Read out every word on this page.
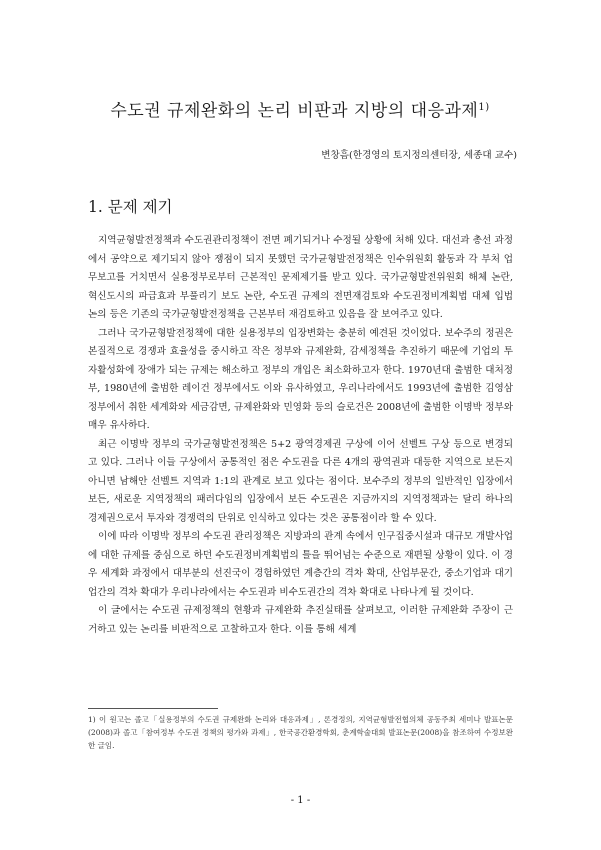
수도권 규제완화의 논리 비판과 지방의 대응과제$^{1)}$
변창흠(한경영의 토지정의센터장, 세종대 교수)
1. 문제 제기

지역균형발전정책과 수도권관리정책이 전면 폐기되거나 수정될 상황에 처해 있다. 대선과 총선 과정에서 공약으로 제기되지 않아 쟁점이 되지 못했던 국가균형발전정책은 인수위원회 활동과 각 부처 업무보고를 거치면서 실용정부로부터 근본적인 문제제기를 받고 있다. 국가균형발전위원회 해체 논란, 혁신도시의 파급효과 부풀리기 보도 논란, 수도권 규제의 전면재검토와 수도권정비계획법 대체 입법 논의 등은 기존의 국가균형발전정책을 근본부터 재검토하고 있음을 잘 보여주고 있다.

그러나 국가균형발전정책에 대한 실용정부의 입장변화는 충분히 예견된 것이었다. 보수주의 정권은 본질적으로 경쟁과 효율성을 중시하고 작은 정부와 규제완화, 감세정책을 추진하기 때문에 기업의 투자활성화에 장애가 되는 규제는 해소하고 정부의 개입은 최소화하고자 한다. 1970년대 출범한 대처정부, 1980년에 출범한 레이건 정부에서도 이와 유사하였고, 우리나라에서도 1993년에 출범한 김영삼 정부에서 취한 세계화와 세금감면, 규제완화와 민영화 등의 슬로건은 2008년에 출범한 이명박 정부와 매우 유사하다.

최근 이명박 정부의 국가균형발전정책은 5+2 광역경제권 구상에 이어 선벨트 구상 등으로 변경되고 있다. 그러나 이들 구상에서 공통적인 점은 수도권을 다른 4개의 광역권과 대등한 지역으로 보든지 아니면 남해안 선벨트 지역과 1:1의 관계로 보고 있다는 점이다. 보수주의 정부의 일반적인 입장에서 보든, 새로운 지역정책의 패러다임의 입장에서 보든 수도권은 지금까지의 지역정책과는 달리 하나의 경제권으로서 투자와 경쟁력의 단위로 인식하고 있다는 것은 공통점이라 할 수 있다.

이에 따라 이명박 정부의 수도권 관리정책은 지방과의 관계 속에서 인구집중시설과 대규모 개발사업에 대한 규제를 중심으로 하던 수도권정비계획법의 틀을 뛰어넘는 수준으로 재편될 상황이 있다. 이 경우 세계화 과정에서 대부분의 선진국이 경험하였던 계층간의 격차 확대, 산업부문간, 중소기업과 대기업간의 격차 확대가 우리나라에서는 수도권과 비수도권간의 격차 확대로 나타나게 될 것이다.

이 글에서는 수도권 규제정책의 현황과 규제완화 추진실태를 살펴보고, 이러한 규제완화 주장이 근거하고 있는 논리를 비판적으로 고찰하고자 한다. 이를 통해 세계

1) 이 원고는 졸고「실용정부의 수도권 규제완화 논리와 대응과제」, 론경정의, 지역균형발전협의체 공동주최 세미나 발표논문(2008)과 졸고「참여정부 수도권 정책의 평가와 과제」, 한국공간환경학회, 춘계학술대회 발표논문(2008)을 참조하여 수정보완한 글임.
- 1 -
